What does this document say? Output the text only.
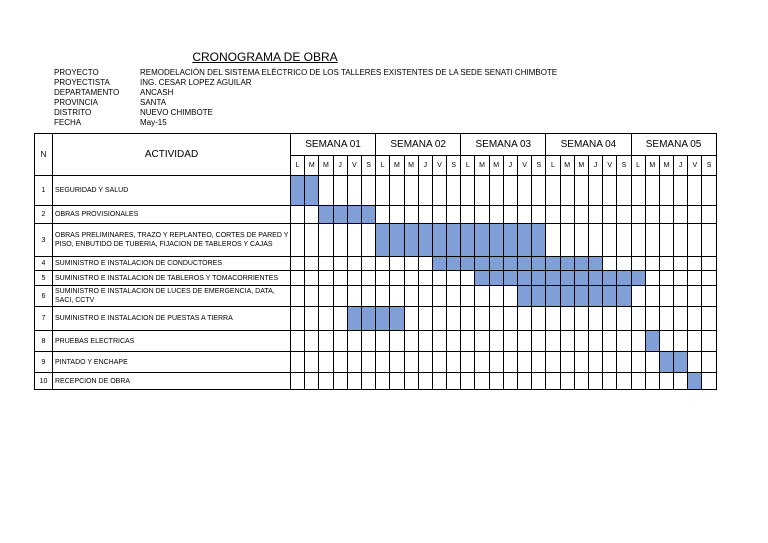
CRONOGRAMA DE OBRA
PROYECTO	REMODELACIÓN DEL SISTEMA ELÉCTRICO DE LOS TALLERES EXISTENTES DE LA SEDE SENATI CHIMBOTE
PROYECTISTA	ING. CESAR LOPEZ AGUILAR
DEPARTAMENTO	ANCASH
PROVINCIA	SANTA
DISTRITO	NUEVO CHIMBOTE
FECHA	May-15
N	ACTIVIDAD	SEMANA 01						SEMANA 02						SEMANA 03						SEMANA 04						SEMANA 05					
		L	M	M	J	V	S	L	M	M	J	V	S	L	M	M	J	V	S	L	M	M	J	V	S	L	M	M	J	V	S
1	SEGURIDAD Y SALUD																														
2	OBRAS PROVISIONALES																														
3	OBRAS PRELIMINARES, TRAZO Y REPLANTEO, CORTES DE PARED Y PISO, ENBUTIDO DE TUBERIA, FIJACION DE TABLEROS Y CAJAS																														
4	SUMINISTRO E INSTALACION DE CONDUCTORES																														
5	SUMINISTRO E INSTALACION DE TABLEROS Y TOMACORRIENTES																														
6	SUMINISTRO E INSTALACION DE LUCES DE EMERGENCIA, DATA, SACI, CCTV																														
7	SUMINISTRO E INSTALACION DE PUESTAS A TIERRA																														
8	PRUEBAS ELECTRICAS																														
9	PINTADO Y ENCHAPE																														
10	RECEPCION DE OBRA																														
